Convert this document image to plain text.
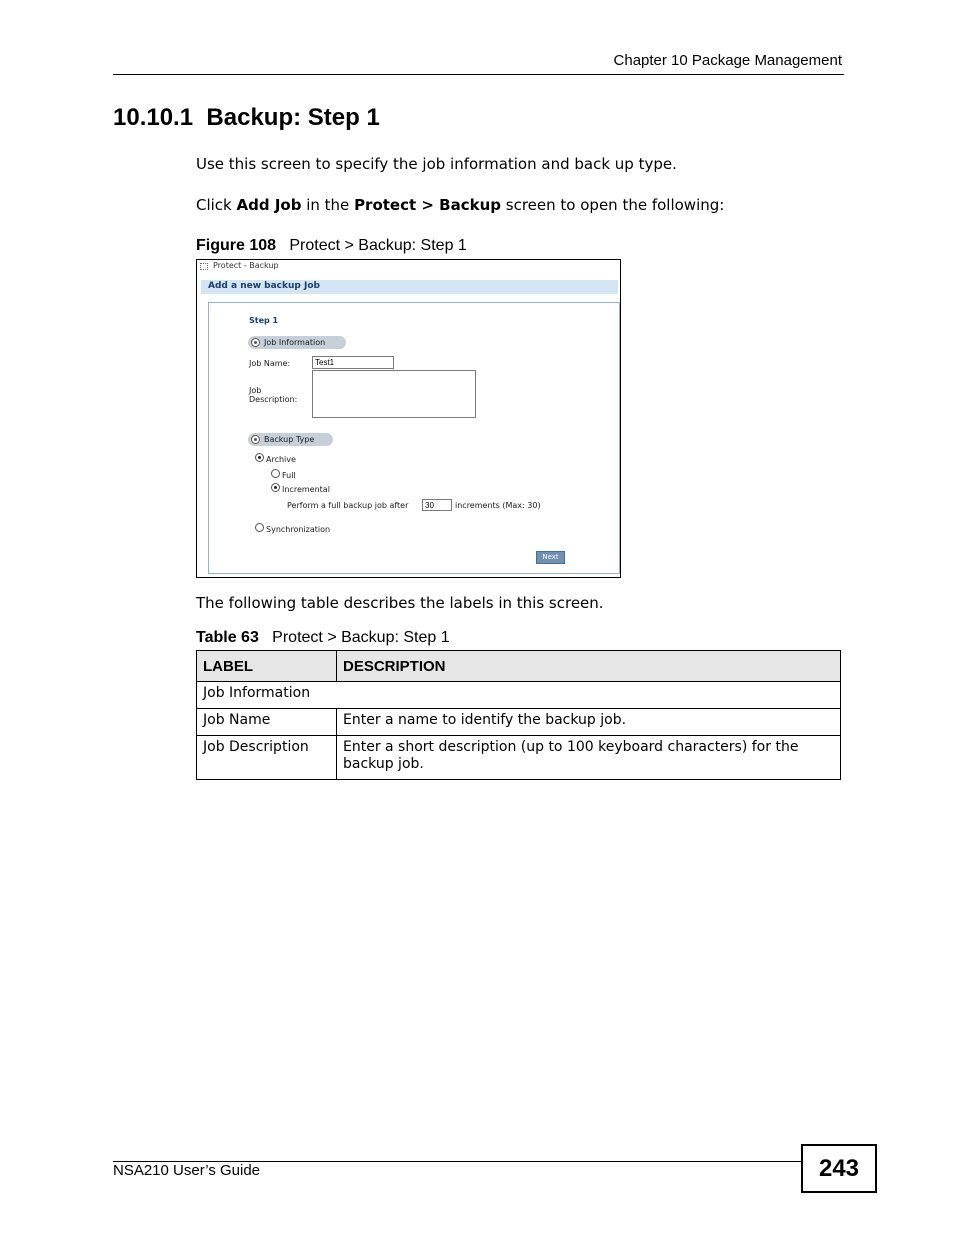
Chapter 10 Package Management
10.10.1  Backup: Step 1
Use this screen to specify the job information and back up type.
Click Add Job in the Protect > Backup screen to open the following:
Figure 108   Protect > Backup: Step 1
Protect - Backup
Add a new backup Job
Step 1
Job Information
Job Name:
Test1
Job
Description:
Backup Type
Archive
Full
Incremental
Perform a full backup job after
30	increments (Max: 30)
Synchronization
Next
The following table describes the labels in this screen.
Table 63   Protect > Backup: Step 1
LABEL	DESCRIPTION
Job Information	
Job Name	Enter a name to identify the backup job.
Job Description	Enter a short description (up to 100 keyboard characters) for the backup job.
NSA210 User’s Guide	243
